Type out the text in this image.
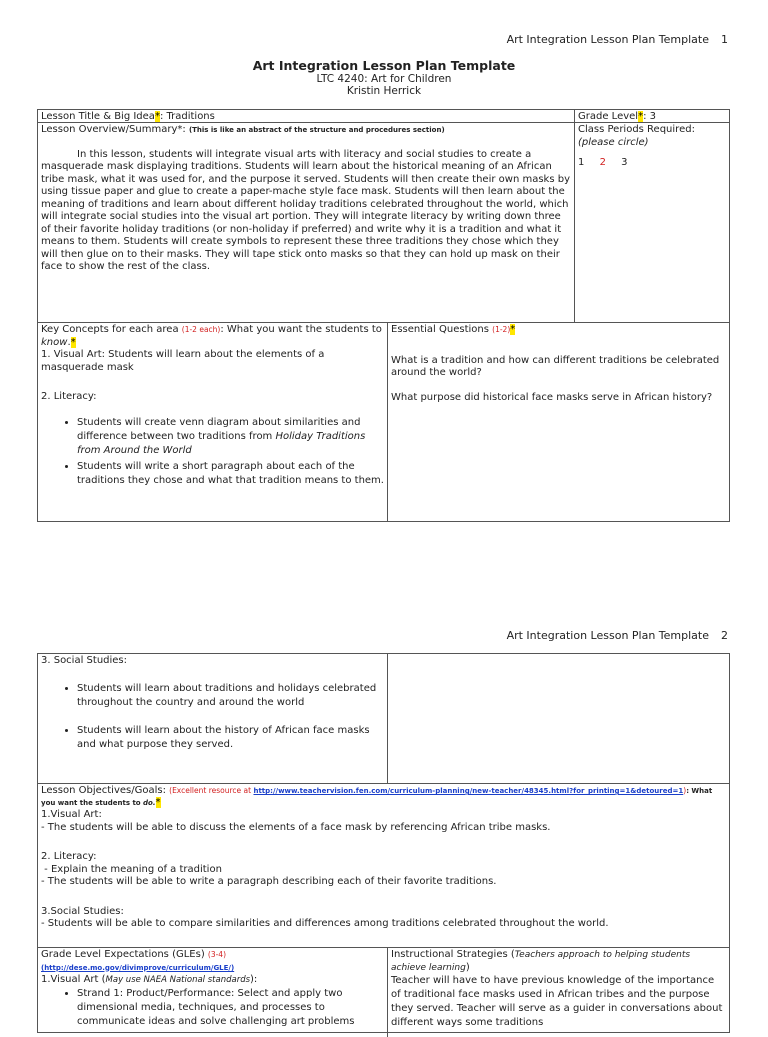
Art Integration Lesson Plan Template 1
Art Integration Lesson Plan Template
LTC 4240: Art for Children
Kristin Herrick
Lesson Title & Big Idea*: Traditions	Grade Level*: 3
Lesson Overview/Summary*: (This is like an abstract of the structure and procedures section)

In this lesson, students will integrate visual arts with literacy and social studies to create a masquerade mask displaying traditions. Students will learn about the historical meaning of an African tribe mask, what it was used for, and the purpose it served. Students will then create their own masks by using tissue paper and glue to create a paper-mache style face mask. Students will then learn about the meaning of traditions and learn about different holiday traditions celebrated throughout the world, which will integrate social studies into the visual art portion. They will integrate literacy by writing down three of their favorite holiday traditions (or non-holiday if preferred) and write why it is a tradition and what it means to them. Students will create symbols to represent these three traditions they chose which they will then glue on to their masks. They will tape stick onto masks so that they can hold up mask on their face to show the rest of the class.

Class Periods Required:
(please circle)
1 2 3
Key Concepts for each area (1-2 each): What you want the students to know.*
1. Visual Art: Students will learn about the elements of a masquerade mask
2. Literacy:
• Students will create venn diagram about similarities and difference between two traditions from Holiday Traditions from Around the World
• Students will write a short paragraph about each of the traditions they chose and what that tradition means to them.
Essential Questions (1-2)*
What is a tradition and how can different traditions be celebrated around the world?
What purpose did historical face masks serve in African history?
Art Integration Lesson Plan Template 2
3. Social Studies:
• Students will learn about traditions and holidays celebrated throughout the country and around the world
• Students will learn about the history of African face masks and what purpose they served.
Lesson Objectives/Goals: (Excellent resource at http://www.teachervision.fen.com/curriculum-planning/new-teacher/48345.html?for_printing=1&detoured=1): What you want the students to do.*
1.Visual Art:
- The students will be able to discuss the elements of a face mask by referencing African tribe masks.
2. Literacy:
- Explain the meaning of a tradition
- The students will be able to write a paragraph describing each of their favorite traditions.
3.Social Studies:
- Students will be able to compare similarities and differences among traditions celebrated throughout the world.
Grade Level Expectations (GLEs) (3-4)
(http://dese.mo.gov/divimprove/curriculum/GLE/)
1.Visual Art (May use NAEA National standards):
• Strand 1: Product/Performance: Select and apply two dimensional media, techniques, and processes to communicate ideas and solve challenging art problems
Instructional Strategies (Teachers approach to helping students achieve learning)
Teacher will have to have previous knowledge of the importance of traditional face masks used in African tribes and the purpose they served. Teacher will serve as a guider in conversations about different ways some traditions
